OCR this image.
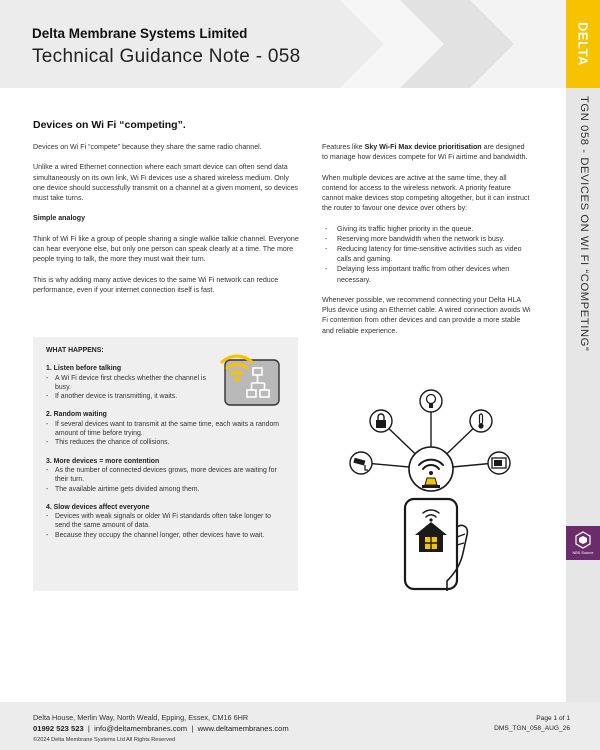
Delta Membrane Systems Limited
Technical Guidance Note - 058	DELTA
TGN 058 - DEVICES ON WI FI “COMPETING”
NBS Source
Devices on Wi Fi “competing”.

Devices on Wi Fi “compete” because they share the same radio channel.

Unlike a wired Ethernet connection where each smart device can often send data simultaneously on its own link, Wi Fi devices use a shared wireless medium. Only one device should successfully transmit on a channel at a given moment, so devices must take turns.

Simple analogy

Think of Wi Fi like a group of people sharing a single walkie talkie channel. Everyone can hear everyone else, but only one person can speak clearly at a time. The more people trying to talk, the more they must wait their turn.

This is why adding many active devices to the same Wi Fi network can reduce performance, even if your internet connection itself is fast.

WHAT HAPPENS:
1. Listen before talking
- A Wi Fi device first checks whether the channel is busy.
- If another device is transmitting, it waits.
2. Random waiting
- If several devices want to transmit at the same time, each waits a random amount of time before trying.
- This reduces the chance of collisions.
3. More devices = more contention
- As the number of connected devices grows, more devices are waiting for their turn.
- The available airtime gets divided among them.
4. Slow devices affect everyone
- Devices with weak signals or older Wi Fi standards often take longer to send the same amount of data.
- Because they occupy the channel longer, other devices have to wait.

Features like Sky Wi-Fi Max device prioritisation are designed to manage how devices compete for Wi Fi airtime and bandwidth.

When multiple devices are active at the same time, they all contend for access to the wireless network. A priority feature cannot make devices stop competing altogether, but it can instruct the router to favour one device over others by:

- Giving its traffic higher priority in the queue.
- Reserving more bandwidth when the network is busy.
- Reducing latency for time-sensitive activities such as video calls and gaming.
- Delaying less important traffic from other devices when necessary.

Whenever possible, we recommend connecting your Delta HLA Plus device using an Ethernet cable. A wired connection avoids Wi Fi contention from other devices and can provide a more stable and reliable experience.

Delta House, Merlin Way, North Weald, Epping, Essex, CM16 6HR
01992 523 523  |  info@deltamembranes.com  |  www.deltamembranes.com
©2024 Delta Membrane Systems Ltd All Rights Reserved
Page 1 of 1
DMS_TGN_058_AUG_26
